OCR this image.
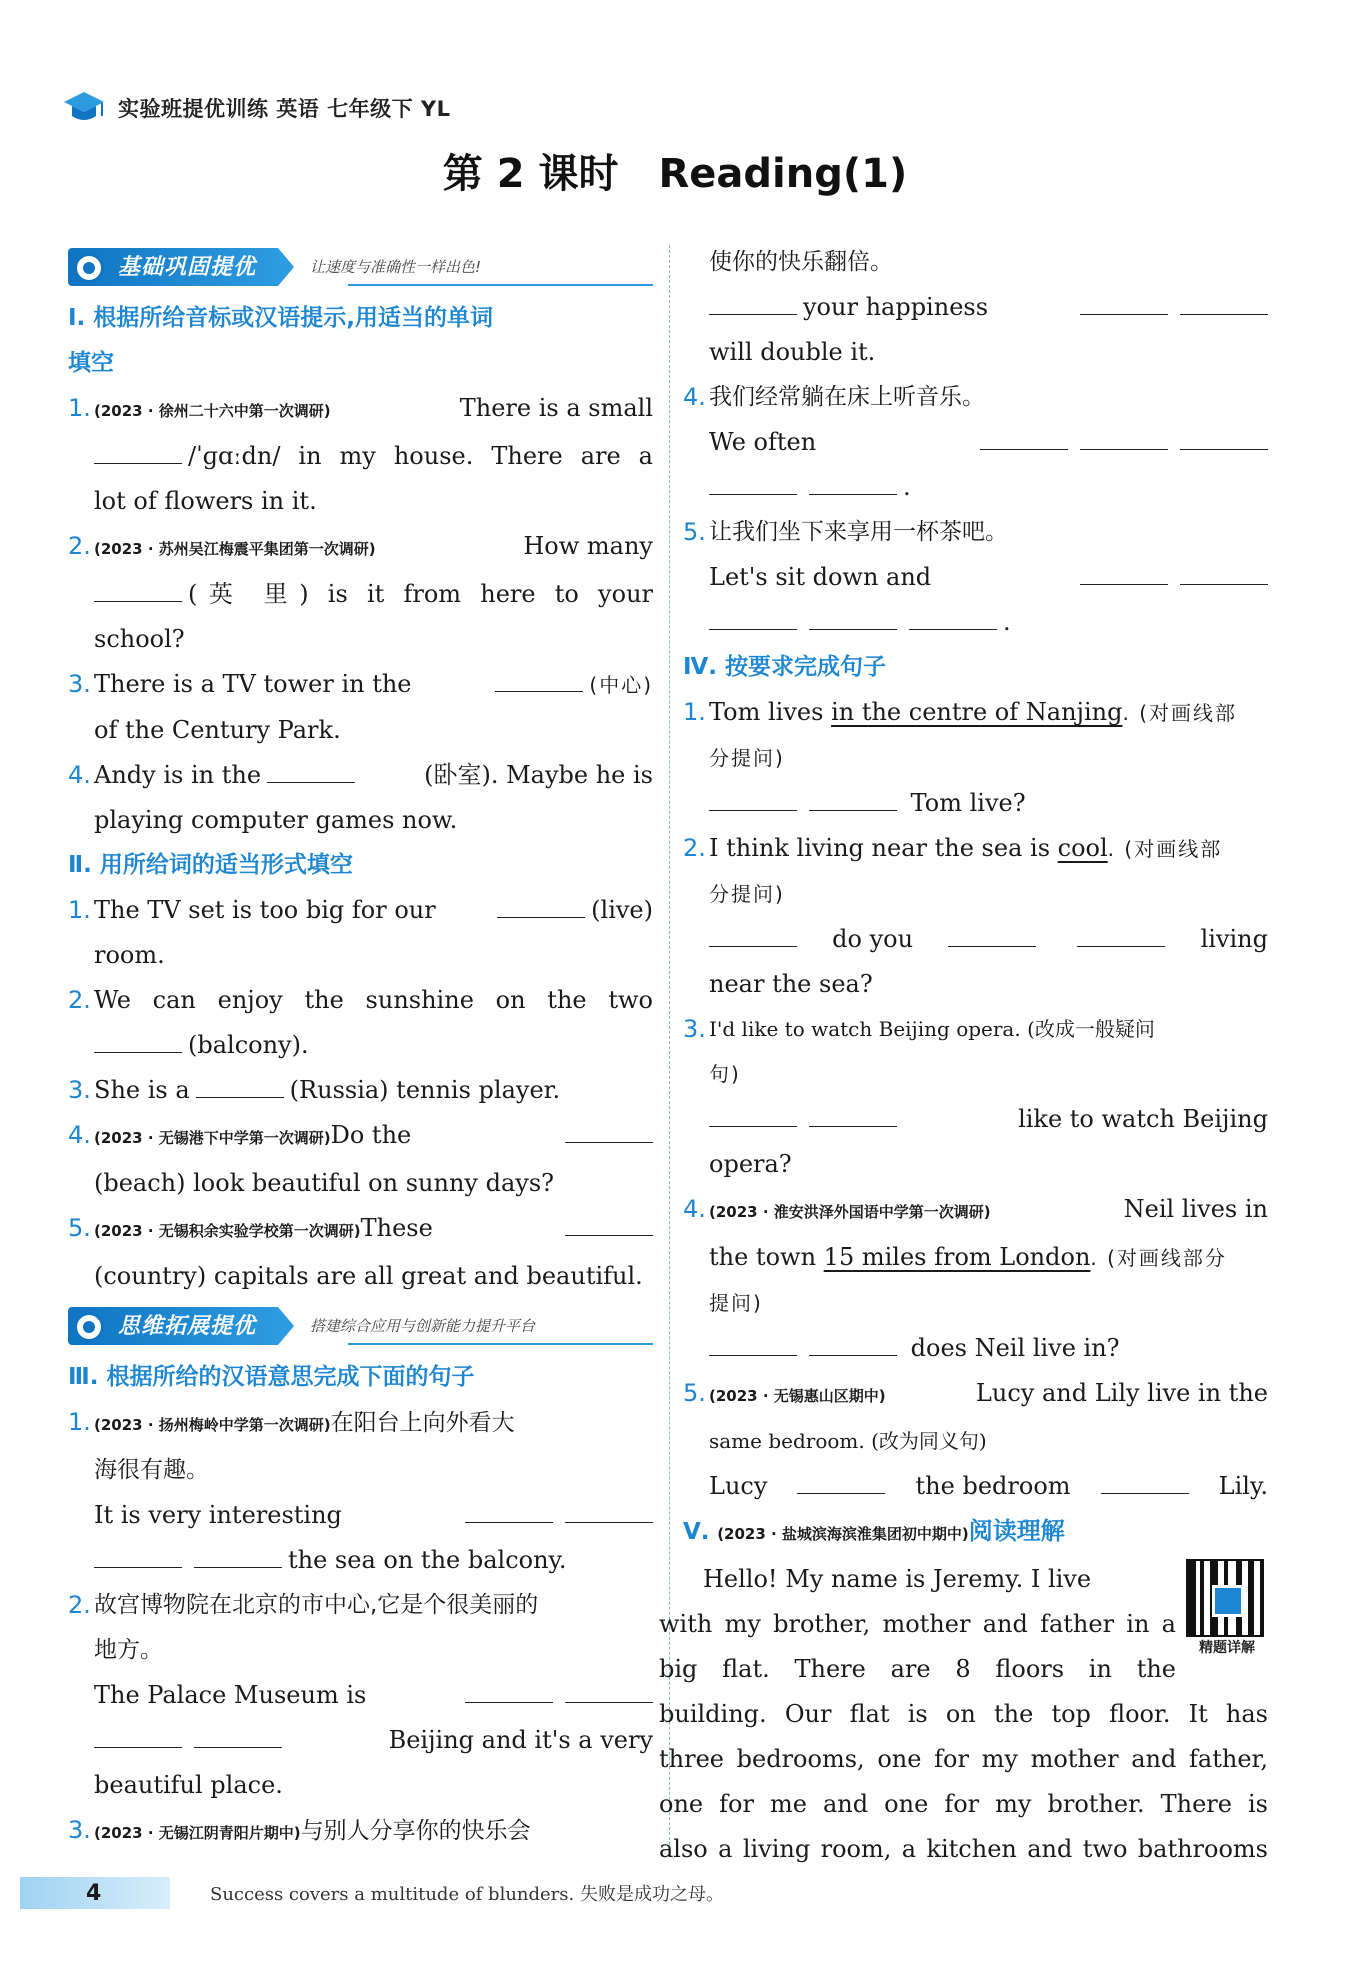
实验班提优训练 英语 七年级下 YL
第 2 课时 Reading(1)
基础巩固提优	让速度与准确性一样出色!
Ⅰ. 根据所给音标或汉语提示,用适当的单词
填空
1. (2023 · 徐州二十六中第一次调研)	There is a small
/ˈɡɑːdn/ in my house. There are a
lot of flowers in it.
2. (2023 · 苏州吴江梅震平集团第一次调研)	How many
(英 里) is it from here to your
school?
3. There is a TV tower in the	(中心)
of the Century Park.
4. Andy is in the	(卧室). Maybe he is
playing computer games now.
Ⅱ. 用所给词的适当形式填空
1. The TV set is too big for our	(live)
room.
2. We can enjoy the sunshine on the two
(balcony).
3. She is a	(Russia) tennis player.
4. (2023 · 无锡港下中学第一次调研)Do the
(beach) look beautiful on sunny days?
5. (2023 · 无锡积余实验学校第一次调研)These
(country) capitals are all great and beautiful.
思维拓展提优	搭建综合应用与创新能力提升平台
Ⅲ. 根据所给的汉语意思完成下面的句子
1. (2023 · 扬州梅岭中学第一次调研)在阳台上向外看大
海很有趣。
It is very interesting
the sea on the balcony.
2. 故宫博物院在北京的市中心,它是个很美丽的
地方。
The Palace Museum is
Beijing and it's a very
beautiful place.
3. (2023 · 无锡江阴青阳片期中)与别人分享你的快乐会
使你的快乐翻倍。
your happiness
will double it.
4. 我们经常躺在床上听音乐。
We often
.
5. 让我们坐下来享用一杯茶吧。
Let's sit down and
.
Ⅳ. 按要求完成句子
1. Tom lives in the centre of Nanjing. (对画线部
分提问)
Tom live?
2. I think living near the sea is cool. (对画线部
分提问)
do you	living
near the sea?
3. I'd like to watch Beijing opera. (改成一般疑问
句)
like to watch Beijing
opera?
4. (2023 · 淮安洪泽外国语中学第一次调研)	Neil lives in
the town 15 miles from London. (对画线部分
提问)
does Neil live in?
5. (2023 · 无锡惠山区期中)	Lucy and Lily live in the
same bedroom. (改为同义句)
Lucy	the bedroom	Lily.
Ⅴ. (2023 · 盐城滨海滨淮集团初中期中)阅读理解
精题详解
Hello! My name is Jeremy. I live
with my brother, mother and father in a
big flat. There are 8 floors in the
building. Our flat is on the top floor. It has
three bedrooms, one for my mother and father,
one for me and one for my brother. There is
also a living room, a kitchen and two bathrooms
4	Success covers a multitude of blunders. 失败是成功之母。
